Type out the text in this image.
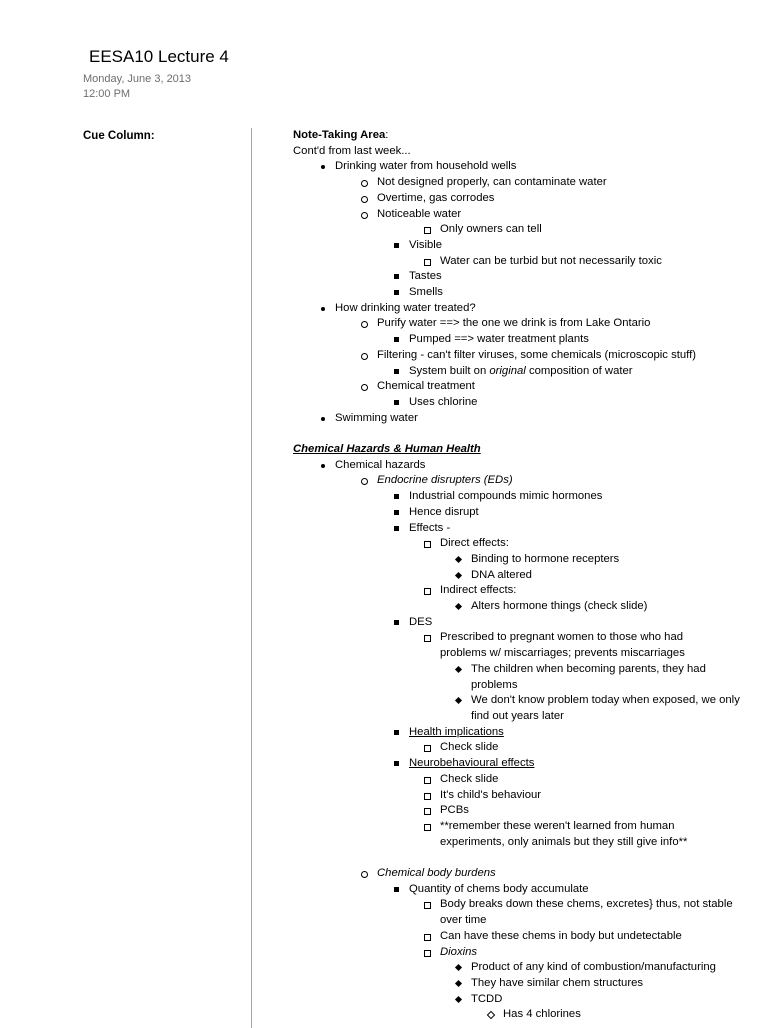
EESA10 Lecture 4
Monday, June 3, 2013
12:00 PM
Cue Column:	Note-Taking Area:
Cont'd from last week...
Drinking water from household wells
Not designed properly, can contaminate water
Overtime, gas corrodes
Noticeable water
Only owners can tell
Visible
Water can be turbid but not necessarily toxic
Tastes
Smells
How drinking water treated?
Purify water ==> the one we drink is from Lake Ontario
Pumped ==> water treatment plants
Filtering - can't filter viruses, some chemicals (microscopic stuff)
System built on original composition of water
Chemical treatment
Uses chlorine
Swimming water
Chemical Hazards & Human Health
Chemical hazards
Endocrine disrupters (EDs)
Industrial compounds mimic hormones
Hence disrupt
Effects -
Direct effects:
Binding to hormone recepters
DNA altered
Indirect effects:
Alters hormone things (check slide)
DES
Prescribed to pregnant women to those who had problems w/ miscarriages; prevents miscarriages
The children when becoming parents, they had problems
We don't know problem today when exposed, we only find out years later
Health implications
Check slide
Neurobehavioural effects
Check slide
It's child's behaviour
PCBs
**remember these weren't learned from human experiments, only animals but they still give info**
Chemical body burdens
Quantity of chems body accumulate
Body breaks down these chems, excretes} thus, not stable over time
Can have these chems in body but undetectable
Dioxins
Product of any kind of combustion/manufacturing
They have similar chem structures
TCDD
Has 4 chlorines
